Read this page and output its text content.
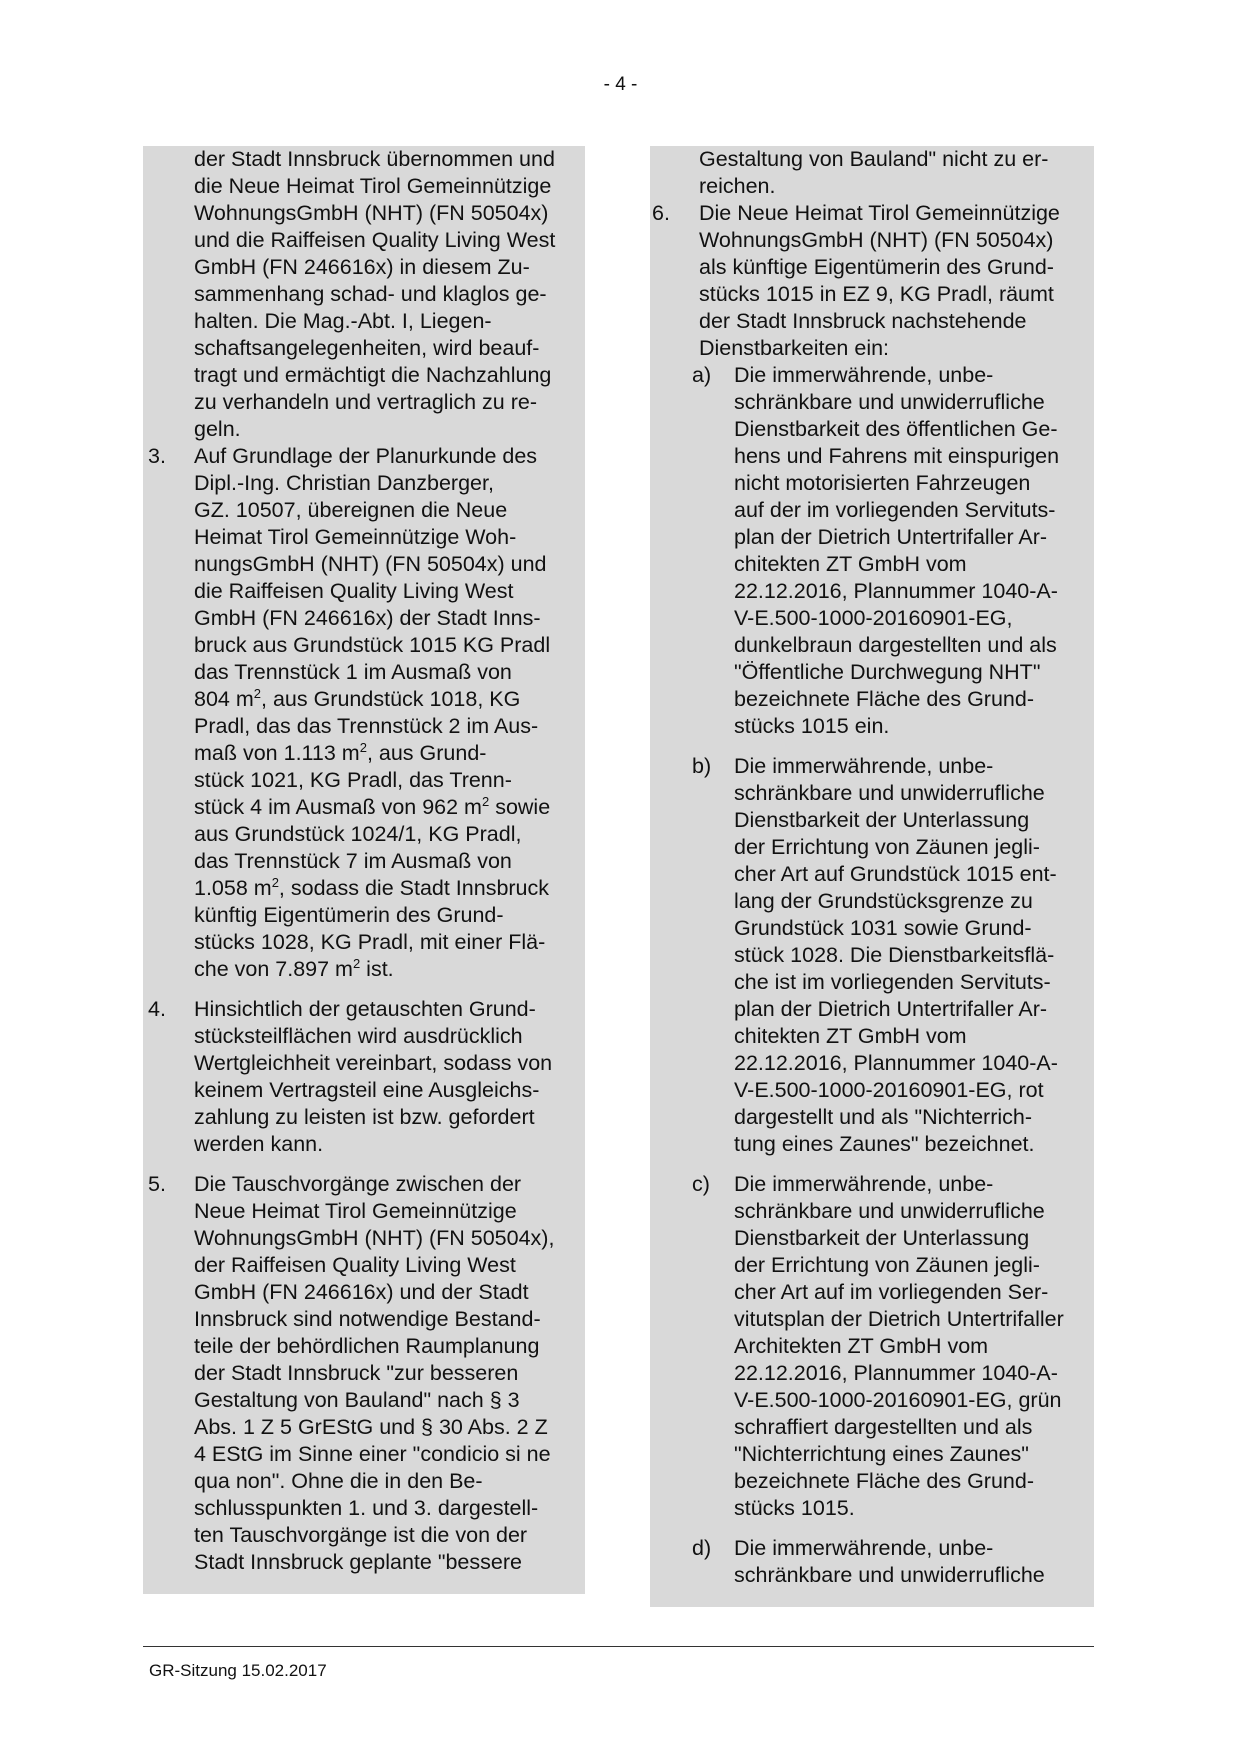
- 4 -
der Stadt Innsbruck übernommen und
die Neue Heimat Tirol Gemeinnützige
WohnungsGmbH (NHT) (FN 50504x)
und die Raiffeisen Quality Living West
GmbH (FN 246616x) in diesem Zu-
sammenhang schad- und klaglos ge-
halten. Die Mag.-Abt. I, Liegen-
schaftsangelegenheiten, wird beauf-
tragt und ermächtigt die Nachzahlung
zu verhandeln und vertraglich zu re-
geln.
3. Auf Grundlage der Planurkunde des
Dipl.-Ing. Christian Danzberger,
GZ. 10507, übereignen die Neue
Heimat Tirol Gemeinnützige Woh-
nungsGmbH (NHT) (FN 50504x) und
die Raiffeisen Quality Living West
GmbH (FN 246616x) der Stadt Inns-
bruck aus Grundstück 1015 KG Pradl
das Trennstück 1 im Ausmaß von
804 $m^2$, aus Grundstück 1018, KG
Pradl, das das Trennstück 2 im Aus-
maß von 1.113 $m^2$, aus Grund-
stück 1021, KG Pradl, das Trenn-
stück 4 im Ausmaß von 962 $m^2$ sowie
aus Grundstück 1024/1, KG Pradl,
das Trennstück 7 im Ausmaß von
1.058 $m^2$, sodass die Stadt Innsbruck
künftig Eigentümerin des Grund-
stücks 1028, KG Pradl, mit einer Flä-
che von 7.897 $m^2$ ist.
4. Hinsichtlich der getauschten Grund-
stücksteilflächen wird ausdrücklich
Wertgleichheit vereinbart, sodass von
keinem Vertragsteil eine Ausgleichs-
zahlung zu leisten ist bzw. gefordert
werden kann.
5. Die Tauschvorgänge zwischen der
Neue Heimat Tirol Gemeinnützige
WohnungsGmbH (NHT) (FN 50504x),
der Raiffeisen Quality Living West
GmbH (FN 246616x) und der Stadt
Innsbruck sind notwendige Bestand-
teile der behördlichen Raumplanung
der Stadt Innsbruck "zur besseren
Gestaltung von Bauland" nach § 3
Abs. 1 Z 5 GrEStG und § 30 Abs. 2 Z
4 EStG im Sinne einer "condicio si ne
qua non". Ohne die in den Be-
schlusspunkten 1. und 3. dargestell-
ten Tauschvorgänge ist die von der
Stadt Innsbruck geplante "bessere
Gestaltung von Bauland" nicht zu er-
reichen.
6. Die Neue Heimat Tirol Gemeinnützige
WohnungsGmbH (NHT) (FN 50504x)
als künftige Eigentümerin des Grund-
stücks 1015 in EZ 9, KG Pradl, räumt
der Stadt Innsbruck nachstehende
Dienstbarkeiten ein:
a) Die immerwährende, unbe-
schränkbare und unwiderrufliche
Dienstbarkeit des öffentlichen Ge-
hens und Fahrens mit einspurigen
nicht motorisierten Fahrzeugen
auf der im vorliegenden Servituts-
plan der Dietrich Untertrifaller Ar-
chitekten ZT GmbH vom
22.12.2016, Plannummer 1040-A-
V-E.500-1000-20160901-EG,
dunkelbraun dargestellten und als
"Öffentliche Durchwegung NHT"
bezeichnete Fläche des Grund-
stücks 1015 ein.
b) Die immerwährende, unbe-
schränkbare und unwiderrufliche
Dienstbarkeit der Unterlassung
der Errichtung von Zäunen jegli-
cher Art auf Grundstück 1015 ent-
lang der Grundstücksgrenze zu
Grundstück 1031 sowie Grund-
stück 1028. Die Dienstbarkeitsflä-
che ist im vorliegenden Servituts-
plan der Dietrich Untertrifaller Ar-
chitekten ZT GmbH vom
22.12.2016, Plannummer 1040-A-
V-E.500-1000-20160901-EG, rot
dargestellt und als "Nichterrich-
tung eines Zaunes" bezeichnet.
c) Die immerwährende, unbe-
schränkbare und unwiderrufliche
Dienstbarkeit der Unterlassung
der Errichtung von Zäunen jegli-
cher Art auf im vorliegenden Ser-
vitutsplan der Dietrich Untertrifaller
Architekten ZT GmbH vom
22.12.2016, Plannummer 1040-A-
V-E.500-1000-20160901-EG, grün
schraffiert dargestellten und als
"Nichterrichtung eines Zaunes"
bezeichnete Fläche des Grund-
stücks 1015.
d) Die immerwährende, unbe-
schränkbare und unwiderrufliche
GR-Sitzung 15.02.2017
